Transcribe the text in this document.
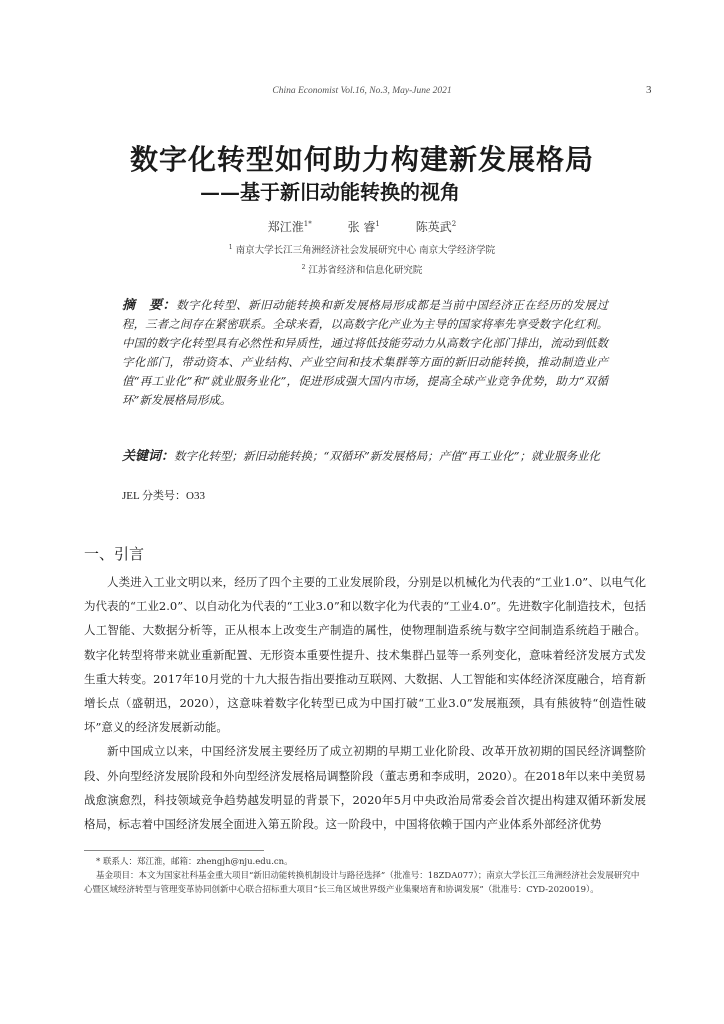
China Economist Vol.16, No.3, May-June 2021	3
数字化转型如何助力构建新发展格局
——基于新旧动能转换的视角
郑江淮$^{1*}$	张 睿$^1$	陈英武$^2$
$^1$ 南京大学长江三角洲经济社会发展研究中心 南京大学经济学院
$^2$ 江苏省经济和信息化研究院
摘　要：数字化转型、新旧动能转换和新发展格局形成都是当前中国经济正在经历的发展过程，三者之间存在紧密联系。全球来看，以高数字化产业为主导的国家将率先享受数字化红利。中国的数字化转型具有必然性和异质性，通过将低技能劳动力从高数字化部门排出，流动到低数字化部门，带动资本、产业结构、产业空间和技术集群等方面的新旧动能转换，推动制造业产值“再工业化”和“就业服务业化”，促进形成强大国内市场，提高全球产业竞争优势，助力“双循环”新发展格局形成。
关键词：数字化转型；新旧动能转换；“双循环”新发展格局；产值“再工业化”；就业服务业化
JEL 分类号：O33
一、引言

人类进入工业文明以来，经历了四个主要的工业发展阶段，分别是以机械化为代表的“工业1.0”、以电气化为代表的“工业2.0”、以自动化为代表的“工业3.0”和以数字化为代表的“工业4.0”。先进数字化制造技术，包括人工智能、大数据分析等，正从根本上改变生产制造的属性，使物理制造系统与数字空间制造系统趋于融合。数字化转型将带来就业重新配置、无形资本重要性提升、技术集群凸显等一系列变化，意味着经济发展方式发生重大转变。2017年10月党的十九大报告指出要推动互联网、大数据、人工智能和实体经济深度融合，培育新增长点（盛朝迅，2020），这意味着数字化转型已成为中国打破“工业3.0”发展瓶颈，具有熊彼特“创造性破坏”意义的经济发展新动能。

新中国成立以来，中国经济发展主要经历了成立初期的早期工业化阶段、改革开放初期的国民经济调整阶段、外向型经济发展阶段和外向型经济发展格局调整阶段（董志勇和李成明，2020）。在2018年以来中美贸易战愈演愈烈，科技领域竞争趋势越发明显的背景下，2020年5月中央政治局常委会首次提出构建双循环新发展格局，标志着中国经济发展全面进入第五阶段。这一阶段中，中国将依赖于国内产业体系外部经济优势

* 联系人：郑江淮，邮箱：zhengjh@nju.edu.cn。

基金项目：本文为国家社科基金重大项目“新旧动能转换机制设计与路径选择”（批准号：18ZDA077）；南京大学长江三角洲经济社会发展研究中心暨区域经济转型与管理变革协同创新中心联合招标重大项目“长三角区域世界级产业集聚培育和协调发展”（批准号：CYD-2020019）。
